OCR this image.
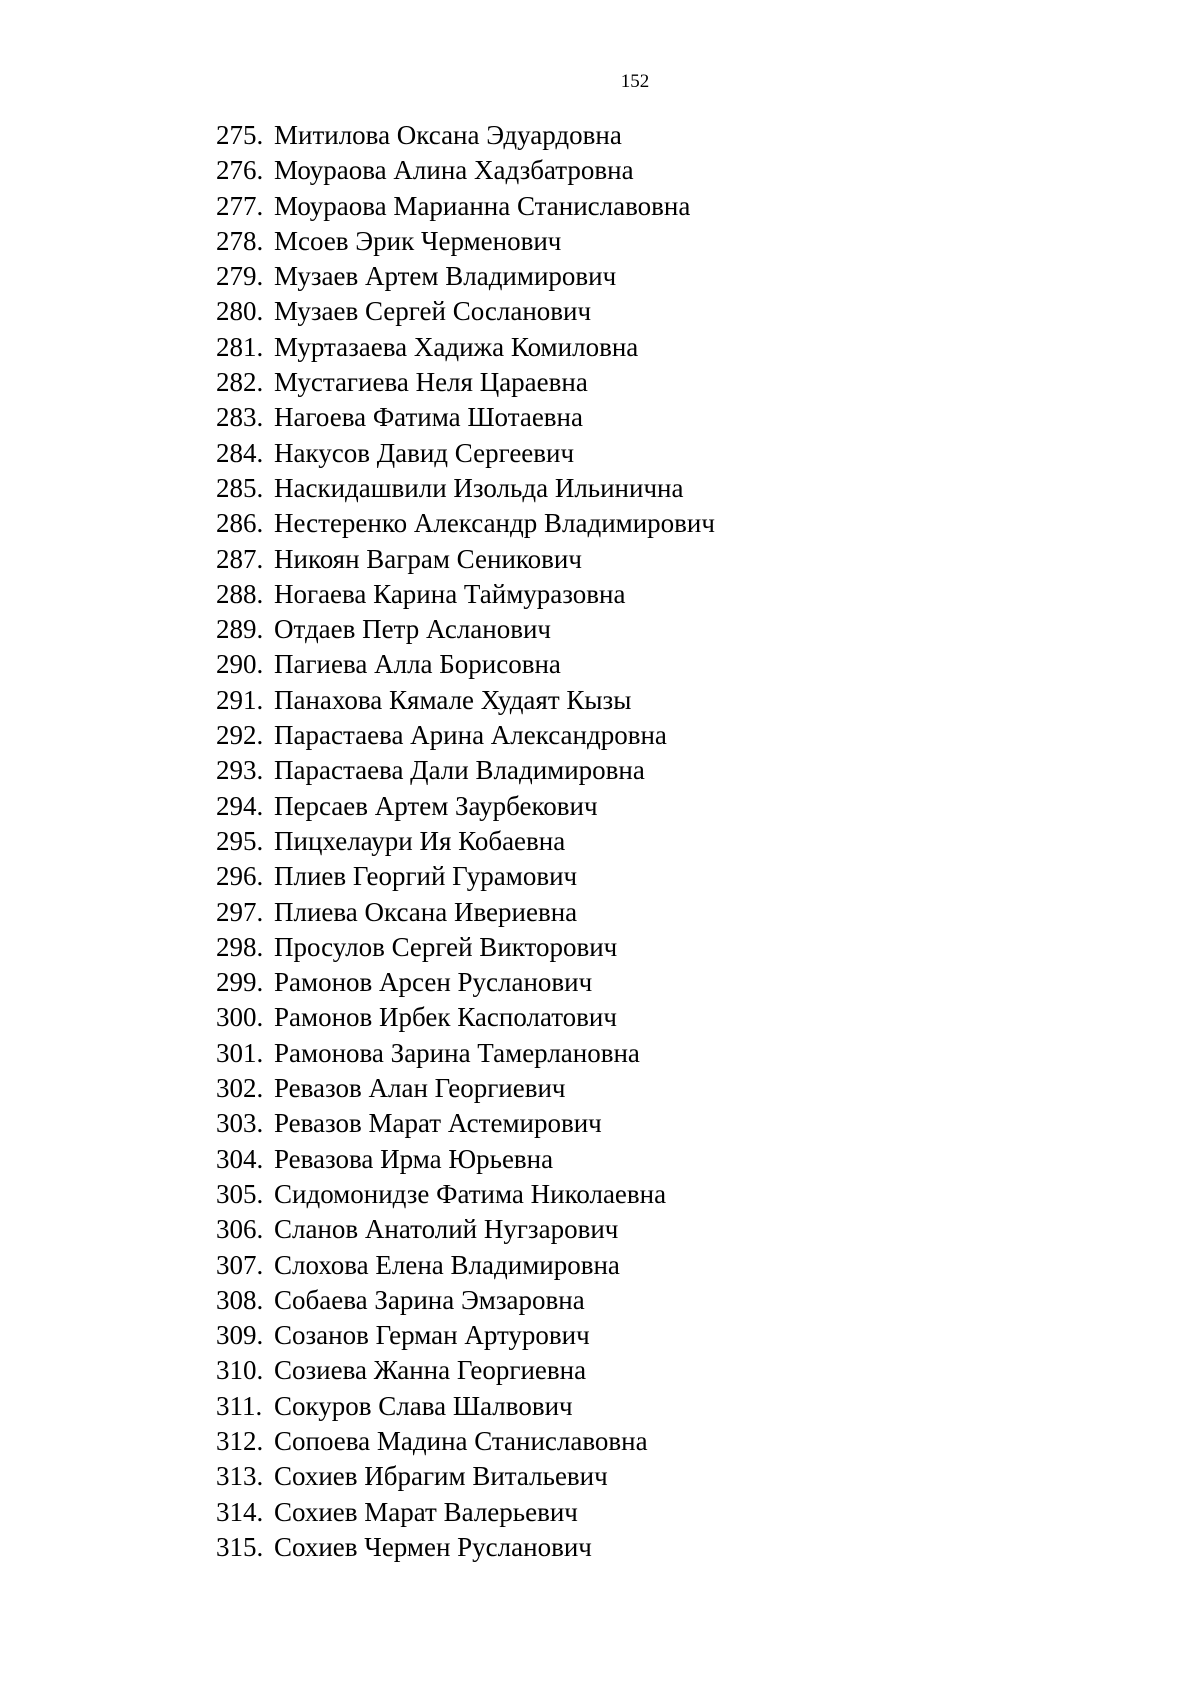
152
275. Митилова Оксана Эдуардовна
276. Моураова Алина Хадзбатровна
277. Моураова Марианна Станиславовна
278. Мсоев Эрик Черменович
279. Музаев Артем Владимирович
280. Музаев Сергей Сосланович
281. Муртазаева Хадижа Комиловна
282. Мустагиева Неля Цараевна
283. Нагоева Фатима Шотаевна
284. Накусов Давид Сергеевич
285. Наскидашвили Изольда Ильинична
286. Нестеренко Александр Владимирович
287. Никоян Ваграм Сеникович
288. Ногаева Карина Таймуразовна
289. Отдаев Петр Асланович
290. Пагиева Алла Борисовна
291. Панахова Кямале Худаят Кызы
292. Парастаева Арина Александровна
293. Парастаева Дали Владимировна
294. Персаев Артем Заурбекович
295. Пицхелаури Ия Кобаевна
296. Плиев Георгий Гурамович
297. Плиева Оксана Ивериевна
298. Просулов Сергей Викторович
299. Рамонов Арсен Русланович
300. Рамонов Ирбек Касполатович
301. Рамонова Зарина Тамерлановна
302. Ревазов Алан Георгиевич
303. Ревазов Марат Астемирович
304. Ревазова Ирма Юрьевна
305. Сидомонидзе Фатима Николаевна
306. Сланов Анатолий Нугзарович
307. Слохова Елена Владимировна
308. Собаева Зарина Эмзаровна
309. Созанов Герман Артурович
310. Созиева Жанна Георгиевна
311. Сокуров Слава Шалвович
312. Сопоева Мадина Станиславовна
313. Сохиев Ибрагим Витальевич
314. Сохиев Марат Валерьевич
315. Сохиев Чермен Русланович
